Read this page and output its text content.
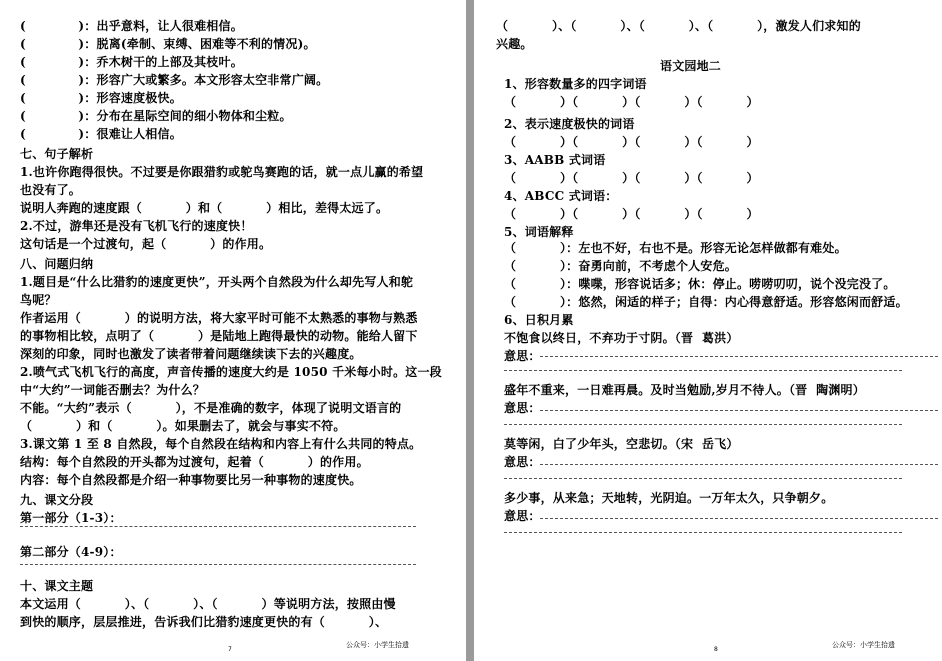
(            )：出乎意料，让人很难相信。
(            )：脱离(牵制、束缚、困难等不利的情况)。
(            )：乔木树干的上部及其枝叶。
(            )：形容广大或繁多。本文形容太空非常广阔。
(            )：形容速度极快。
(            )：分布在星际空间的细小物体和尘粒。
(            )：很难让人相信。
七、句子解析
1.也许你跑得很快。不过要是你跟猎豹或鸵鸟赛跑的话，就一点儿赢的希望
也没有了。
说明人奔跑的速度跟（          ）和（          ）相比，差得太远了。
2.不过，游隼还是没有飞机飞行的速度快！
这句话是一个过渡句，起（          ）的作用。
八、问题归纳
1.题目是“什么比猎豹的速度更快”，开头两个自然段为什么却先写人和鸵
鸟呢？
作者运用（          ）的说明方法，将大家平时可能不太熟悉的事物与熟悉
的事物相比较，点明了（          ）是陆地上跑得最快的动物。能给人留下
深刻的印象，同时也激发了读者带着问题继续读下去的兴趣度。
2.喷气式飞机飞行的高度，声音传播的速度大约是 1050 千米每小时。这一段
中“大约”一词能否删去？为什么？
不能。“大约”表示（          ），不是准确的数字，体现了说明文语言的
（          ）和（          ）。如果删去了，就会与事实不符。
3.课文第 1 至 8 自然段，每个自然段在结构和内容上有什么共同的特点。
结构：每个自然段的开头都为过渡句，起着（          ）的作用。
内容：每个自然段都是介绍一种事物要比另一种事物的速度快。
九、课文分段
第一部分（1-3）：
第二部分（4-9）：
十、课文主题
本文运用（          ）、（          ）、（          ）等说明方法，按照由慢
到快的顺序，层层推进，告诉我们比猎豹速度更快的有（          ）、
公众号：小学生拾遗
7
（          ）、（          ）、（          ）、（          ），激发人们求知的
兴趣。
语文园地二
1、形容数量多的四字词语
（          ）（          ）（          ）（          ）
2、表示速度极快的词语
（          ）（          ）（          ）（          ）
3、AABB 式词语
（          ）（          ）（          ）（          ）
4、ABCC 式词语：
（          ）（          ）（          ）（          ）
5、词语解释
（          ）：左也不好，右也不是。形容无论怎样做都有难处。
（          ）：奋勇向前，不考虑个人安危。
（          ）：喋喋，形容说话多；休：停止。唠唠叨叨，说个没完没了。
（          ）：悠然，闲适的样子；自得：内心得意舒适。形容悠闲而舒适。
6、日积月累
不饱食以终日，不弃功于寸阴。（晋  葛洪）
意思：
盛年不重来，一日难再晨。及时当勉励,岁月不待人。（晋  陶渊明）
意思：
莫等闲，白了少年头，空悲切。（宋  岳飞）
意思：
多少事，从来急；天地转，光阴迫。一万年太久，只争朝夕。
意思：
公众号：小学生拾遗
8
